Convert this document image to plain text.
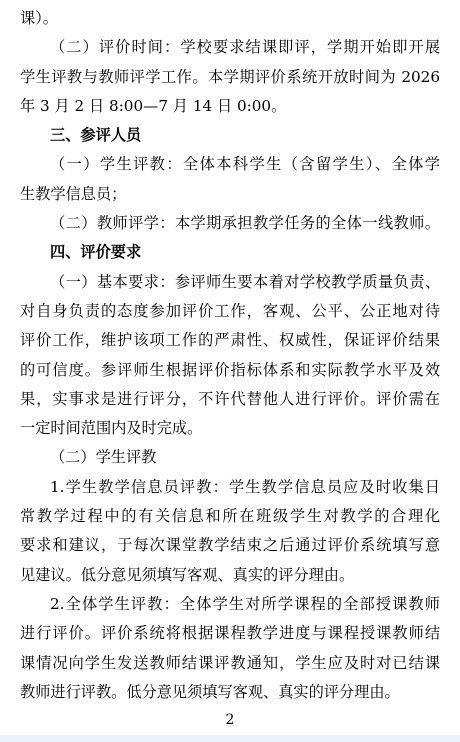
课）。
（二）评价时间：学校要求结课即评，学期开始即开展
学生评教与教师评学工作。本学期评价系统开放时间为 2026
年 3 月 2 日 8:00—7 月 14 日 0:00。
三、参评人员
（一）学生评教：全体本科学生（含留学生）、全体学
生教学信息员；
（二）教师评学：本学期承担教学任务的全体一线教师。
四、评价要求
（一）基本要求：参评师生要本着对学校教学质量负责、
对自身负责的态度参加评价工作，客观、公平、公正地对待
评价工作，维护该项工作的严肃性、权威性，保证评价结果
的可信度。参评师生根据评价指标体系和实际教学水平及效
果，实事求是进行评分，不许代替他人进行评价。评价需在
一定时间范围内及时完成。
（二）学生评教
1.学生教学信息员评教：学生教学信息员应及时收集日
常教学过程中的有关信息和所在班级学生对教学的合理化
要求和建议，于每次课堂教学结束之后通过评价系统填写意
见建议。低分意见须填写客观、真实的评分理由。
2.全体学生评教：全体学生对所学课程的全部授课教师
进行评价。评价系统将根据课程教学进度与课程授课教师结
课情况向学生发送教师结课评教通知，学生应及时对已结课
教师进行评教。低分意见须填写客观、真实的评分理由。
2
